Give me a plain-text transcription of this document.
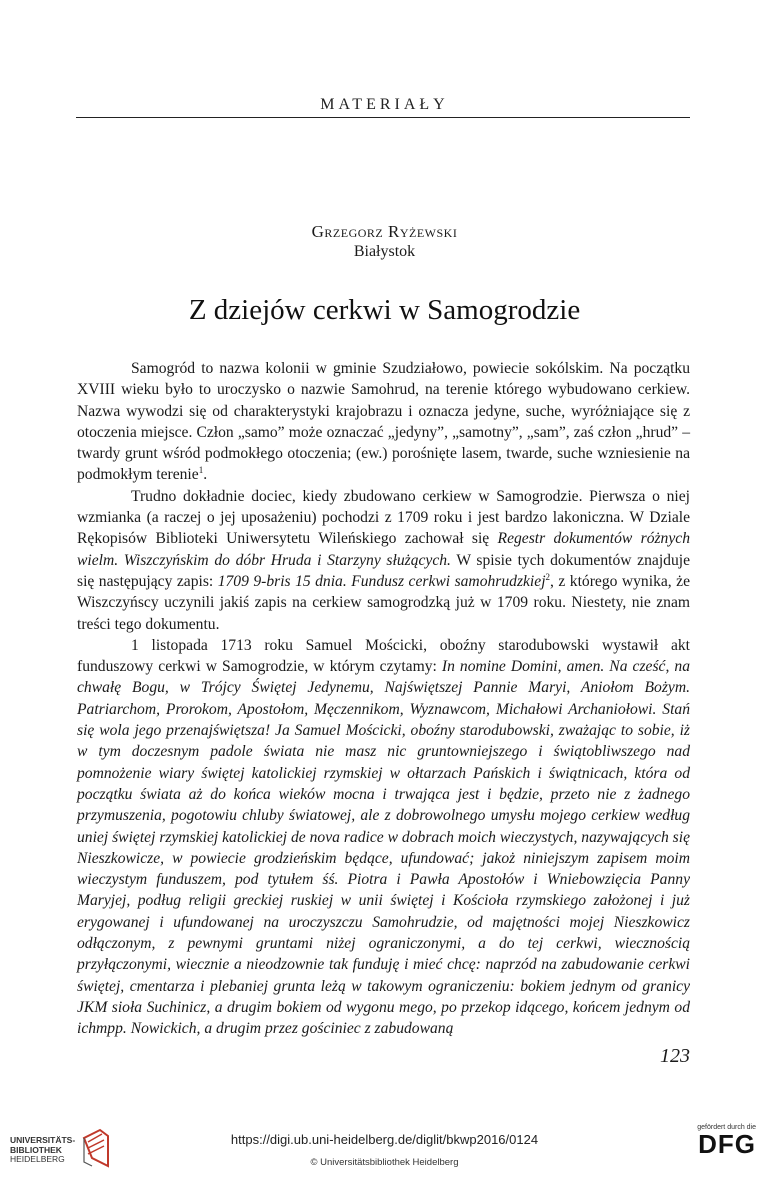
MATERIAŁY
Grzegorz Ryżewski
Białystok
Z dziejów cerkwi w Samogrodzie

Samogród to nazwa kolonii w gminie Szudziałowo, powiecie sokólskim. Na początku XVIII wieku było to uroczysko o nazwie Samohrud, na terenie którego wybudowano cerkiew. Nazwa wywodzi się od charakterystyki krajobrazu i oznacza jedyne, suche, wyróżniające się z otoczenia miejsce. Człon „samo” może oznaczać „jedyny”, „samotny”, „sam”, zaś człon „hrud” – twardy grunt wśród podmokłego otoczenia; (ew.) porośnięte lasem, twarde, suche wzniesienie na podmokłym terenie$^1$.

Trudno dokładnie dociec, kiedy zbudowano cerkiew w Samogrodzie. Pierwsza o niej wzmianka (a raczej o jej uposażeniu) pochodzi z 1709 roku i jest bardzo lakoniczna. W Dziale Rękopisów Biblioteki Uniwersytetu Wileńskiego zachował się Regestr dokumentów różnych wielm. Wiszczyńskim do dóbr Hruda i Starzyny służących. W spisie tych dokumentów znajduje się następujący zapis: 1709 9-bris 15 dnia. Fundusz cerkwi samohrudzkiej$^2$, z którego wynika, że Wiszczyńscy uczynili jakiś zapis na cerkiew samogrodzką już w 1709 roku. Niestety, nie znam treści tego dokumentu.

1 listopada 1713 roku Samuel Mościcki, oboźny starodubowski wystawił akt funduszowy cerkwi w Samogrodzie, w którym czytamy: In nomine Domini, amen. Na cześć, na chwałę Bogu, w Trójcy Świętej Jedynemu, Najświętszej Pannie Maryi, Aniołom Bożym. Patriarchom, Prorokom, Apostołom, Męczennikom, Wyznawcom, Michałowi Archaniołowi. Stań się wola jego przenajświętsza! Ja Samuel Mościcki, oboźny starodubowski, zważając to sobie, iż w tym doczesnym padole świata nie masz nic gruntowniejszego i świątobliwszego nad pomnożenie wiary świętej katolickiej rzymskiej w ołtarzach Pańskich i świątnicach, która od początku świata aż do końca wieków mocna i trwająca jest i będzie, przeto nie z żadnego przymuszenia, pogotowiu chluby światowej, ale z dobrowolnego umysłu mojego cerkiew według uniej świętej rzymskiej katolickiej de nova radice w dobrach moich wieczystych, nazywających się Nieszkowicze, w powiecie grodzieńskim będące, ufundować; jakoż niniejszym zapisem moim wieczystym funduszem, pod tytułem śś. Piotra i Pawła Apostołów i Wniebowzięcia Panny Maryjej, podług religii greckiej ruskiej w unii świętej i Kościoła rzymskiego założonej i już erygowanej i ufundowanej na uroczyszczu Samohrudzie, od majętności mojej Nieszkowicz odłączonym, z pewnymi gruntami niżej ograniczonymi, a do tej cerkwi, wiecznością przyłączonymi, wiecznie a nieodzownie tak funduję i mieć chcę: naprzód na zabudowanie cerkwi świętej, cmentarza i plebaniej grunta leżą w takowym ograniczeniu: bokiem jednym od granicy JKM sioła Suchinicz, a drugim bokiem od wygonu mego, po przekop idącego, końcem jednym od ichmpp. Nowickich, a drugim przez gościniec z zabudowaną

123
UNIVERSITÄTS-
BIBLIOTHEK
HEIDELBERG
https://digi.ub.uni-heidelberg.de/diglit/bkwp2016/0124
© Universitätsbibliothek Heidelberg
gefördert durch die
DFG
